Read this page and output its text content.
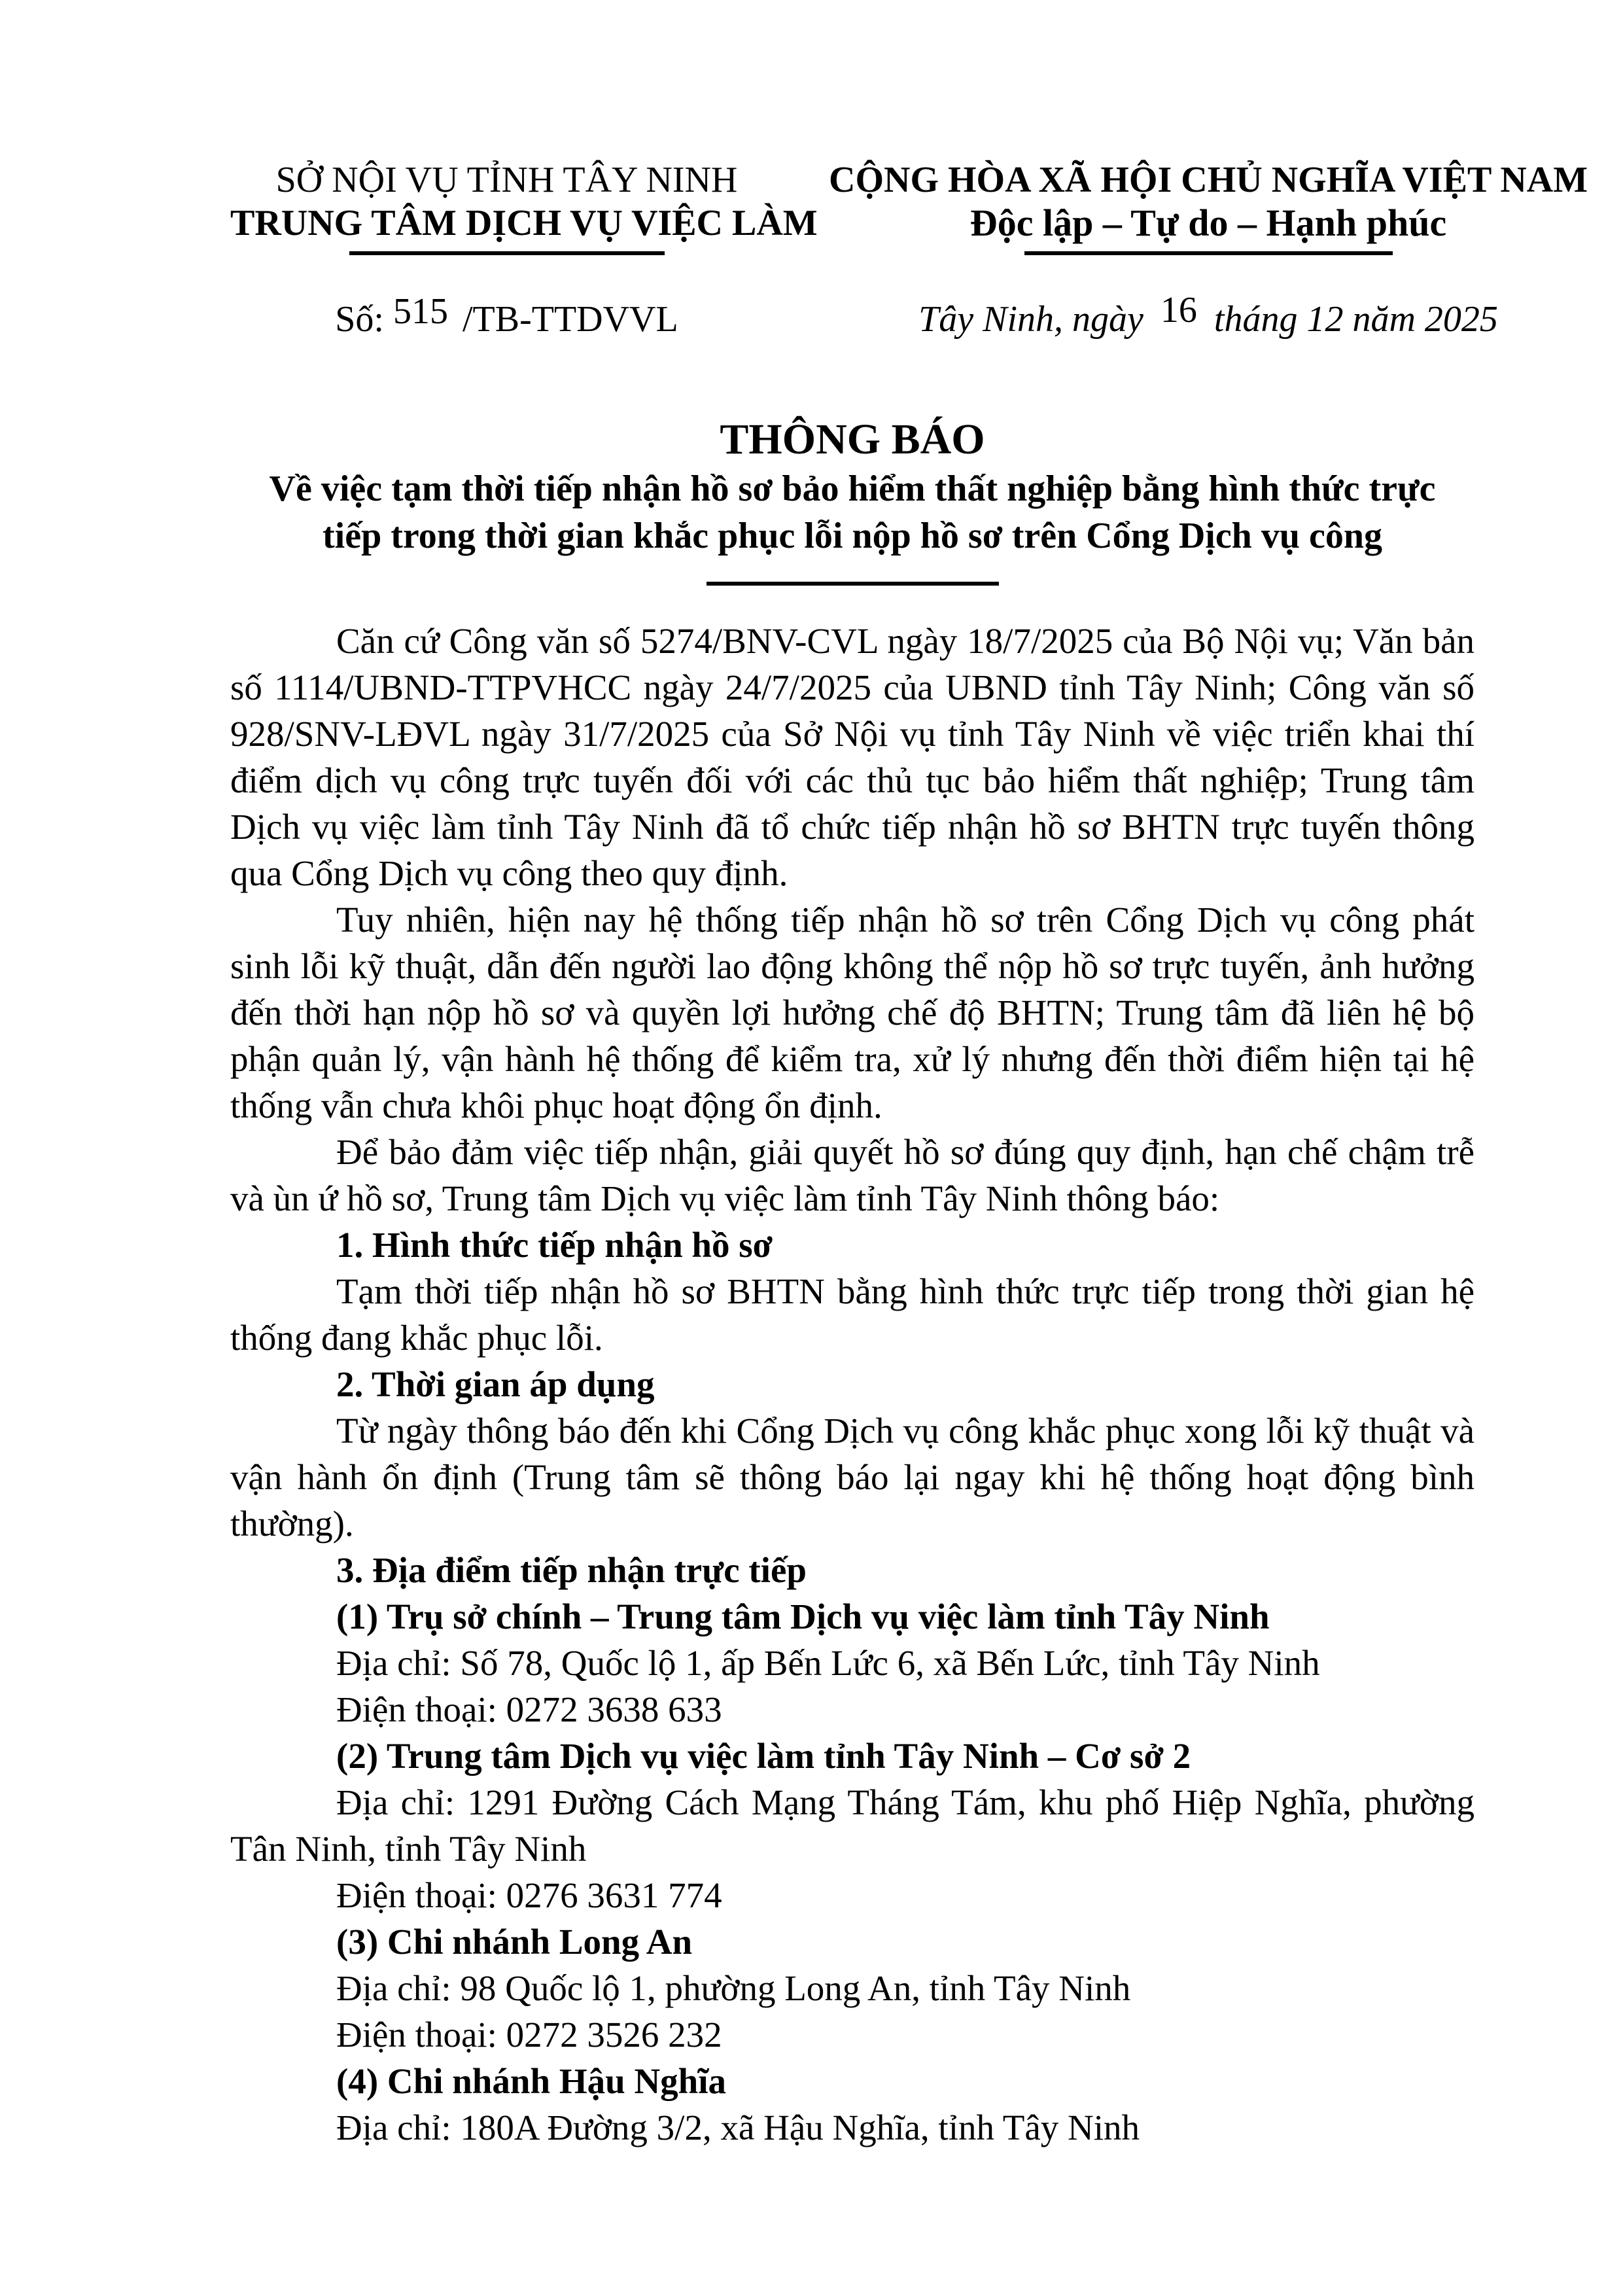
SỞ NỘI VỤ TỈNH TÂY NINH
TRUNG TÂM DỊCH VỤ VIỆC LÀM
Số: 515 /TB-TTDVVL
CỘNG HÒA XÃ HỘI CHỦ NGHĨA VIỆT NAM
Độc lập – Tự do – Hạnh phúc
Tây Ninh, ngày 16 tháng 12 năm 2025
THÔNG BÁO
Về việc tạm thời tiếp nhận hồ sơ bảo hiểm thất nghiệp bằng hình thức trực
tiếp trong thời gian khắc phục lỗi nộp hồ sơ trên Cổng Dịch vụ công

Căn cứ Công văn số 5274/BNV-CVL ngày 18/7/2025 của Bộ Nội vụ; Văn bản số 1114/UBND-TTPVHCC ngày 24/7/2025 của UBND tỉnh Tây Ninh; Công văn số 928/SNV-LĐVL ngày 31/7/2025 của Sở Nội vụ tỉnh Tây Ninh về việc triển khai thí điểm dịch vụ công trực tuyến đối với các thủ tục bảo hiểm thất nghiệp; Trung tâm Dịch vụ việc làm tỉnh Tây Ninh đã tổ chức tiếp nhận hồ sơ BHTN trực tuyến thông qua Cổng Dịch vụ công theo quy định.
Tuy nhiên, hiện nay hệ thống tiếp nhận hồ sơ trên Cổng Dịch vụ công phát sinh lỗi kỹ thuật, dẫn đến người lao động không thể nộp hồ sơ trực tuyến, ảnh hưởng đến thời hạn nộp hồ sơ và quyền lợi hưởng chế độ BHTN; Trung tâm đã liên hệ bộ phận quản lý, vận hành hệ thống để kiểm tra, xử lý nhưng đến thời điểm hiện tại hệ thống vẫn chưa khôi phục hoạt động ổn định.
Để bảo đảm việc tiếp nhận, giải quyết hồ sơ đúng quy định, hạn chế chậm trễ và ùn ứ hồ sơ, Trung tâm Dịch vụ việc làm tỉnh Tây Ninh thông báo:
1. Hình thức tiếp nhận hồ sơ
Tạm thời tiếp nhận hồ sơ BHTN bằng hình thức trực tiếp trong thời gian hệ thống đang khắc phục lỗi.
2. Thời gian áp dụng
Từ ngày thông báo đến khi Cổng Dịch vụ công khắc phục xong lỗi kỹ thuật và vận hành ổn định (Trung tâm sẽ thông báo lại ngay khi hệ thống hoạt động bình thường).
3. Địa điểm tiếp nhận trực tiếp
(1) Trụ sở chính – Trung tâm Dịch vụ việc làm tỉnh Tây Ninh
Địa chỉ: Số 78, Quốc lộ 1, ấp Bến Lức 6, xã Bến Lức, tỉnh Tây Ninh
Điện thoại: 0272 3638 633
(2) Trung tâm Dịch vụ việc làm tỉnh Tây Ninh – Cơ sở 2
Địa chỉ: 1291 Đường Cách Mạng Tháng Tám, khu phố Hiệp Nghĩa, phường Tân Ninh, tỉnh Tây Ninh
Điện thoại: 0276 3631 774
(3) Chi nhánh Long An
Địa chỉ: 98 Quốc lộ 1, phường Long An, tỉnh Tây Ninh
Điện thoại: 0272 3526 232
(4) Chi nhánh Hậu Nghĩa
Địa chỉ: 180A Đường 3/2, xã Hậu Nghĩa, tỉnh Tây Ninh
